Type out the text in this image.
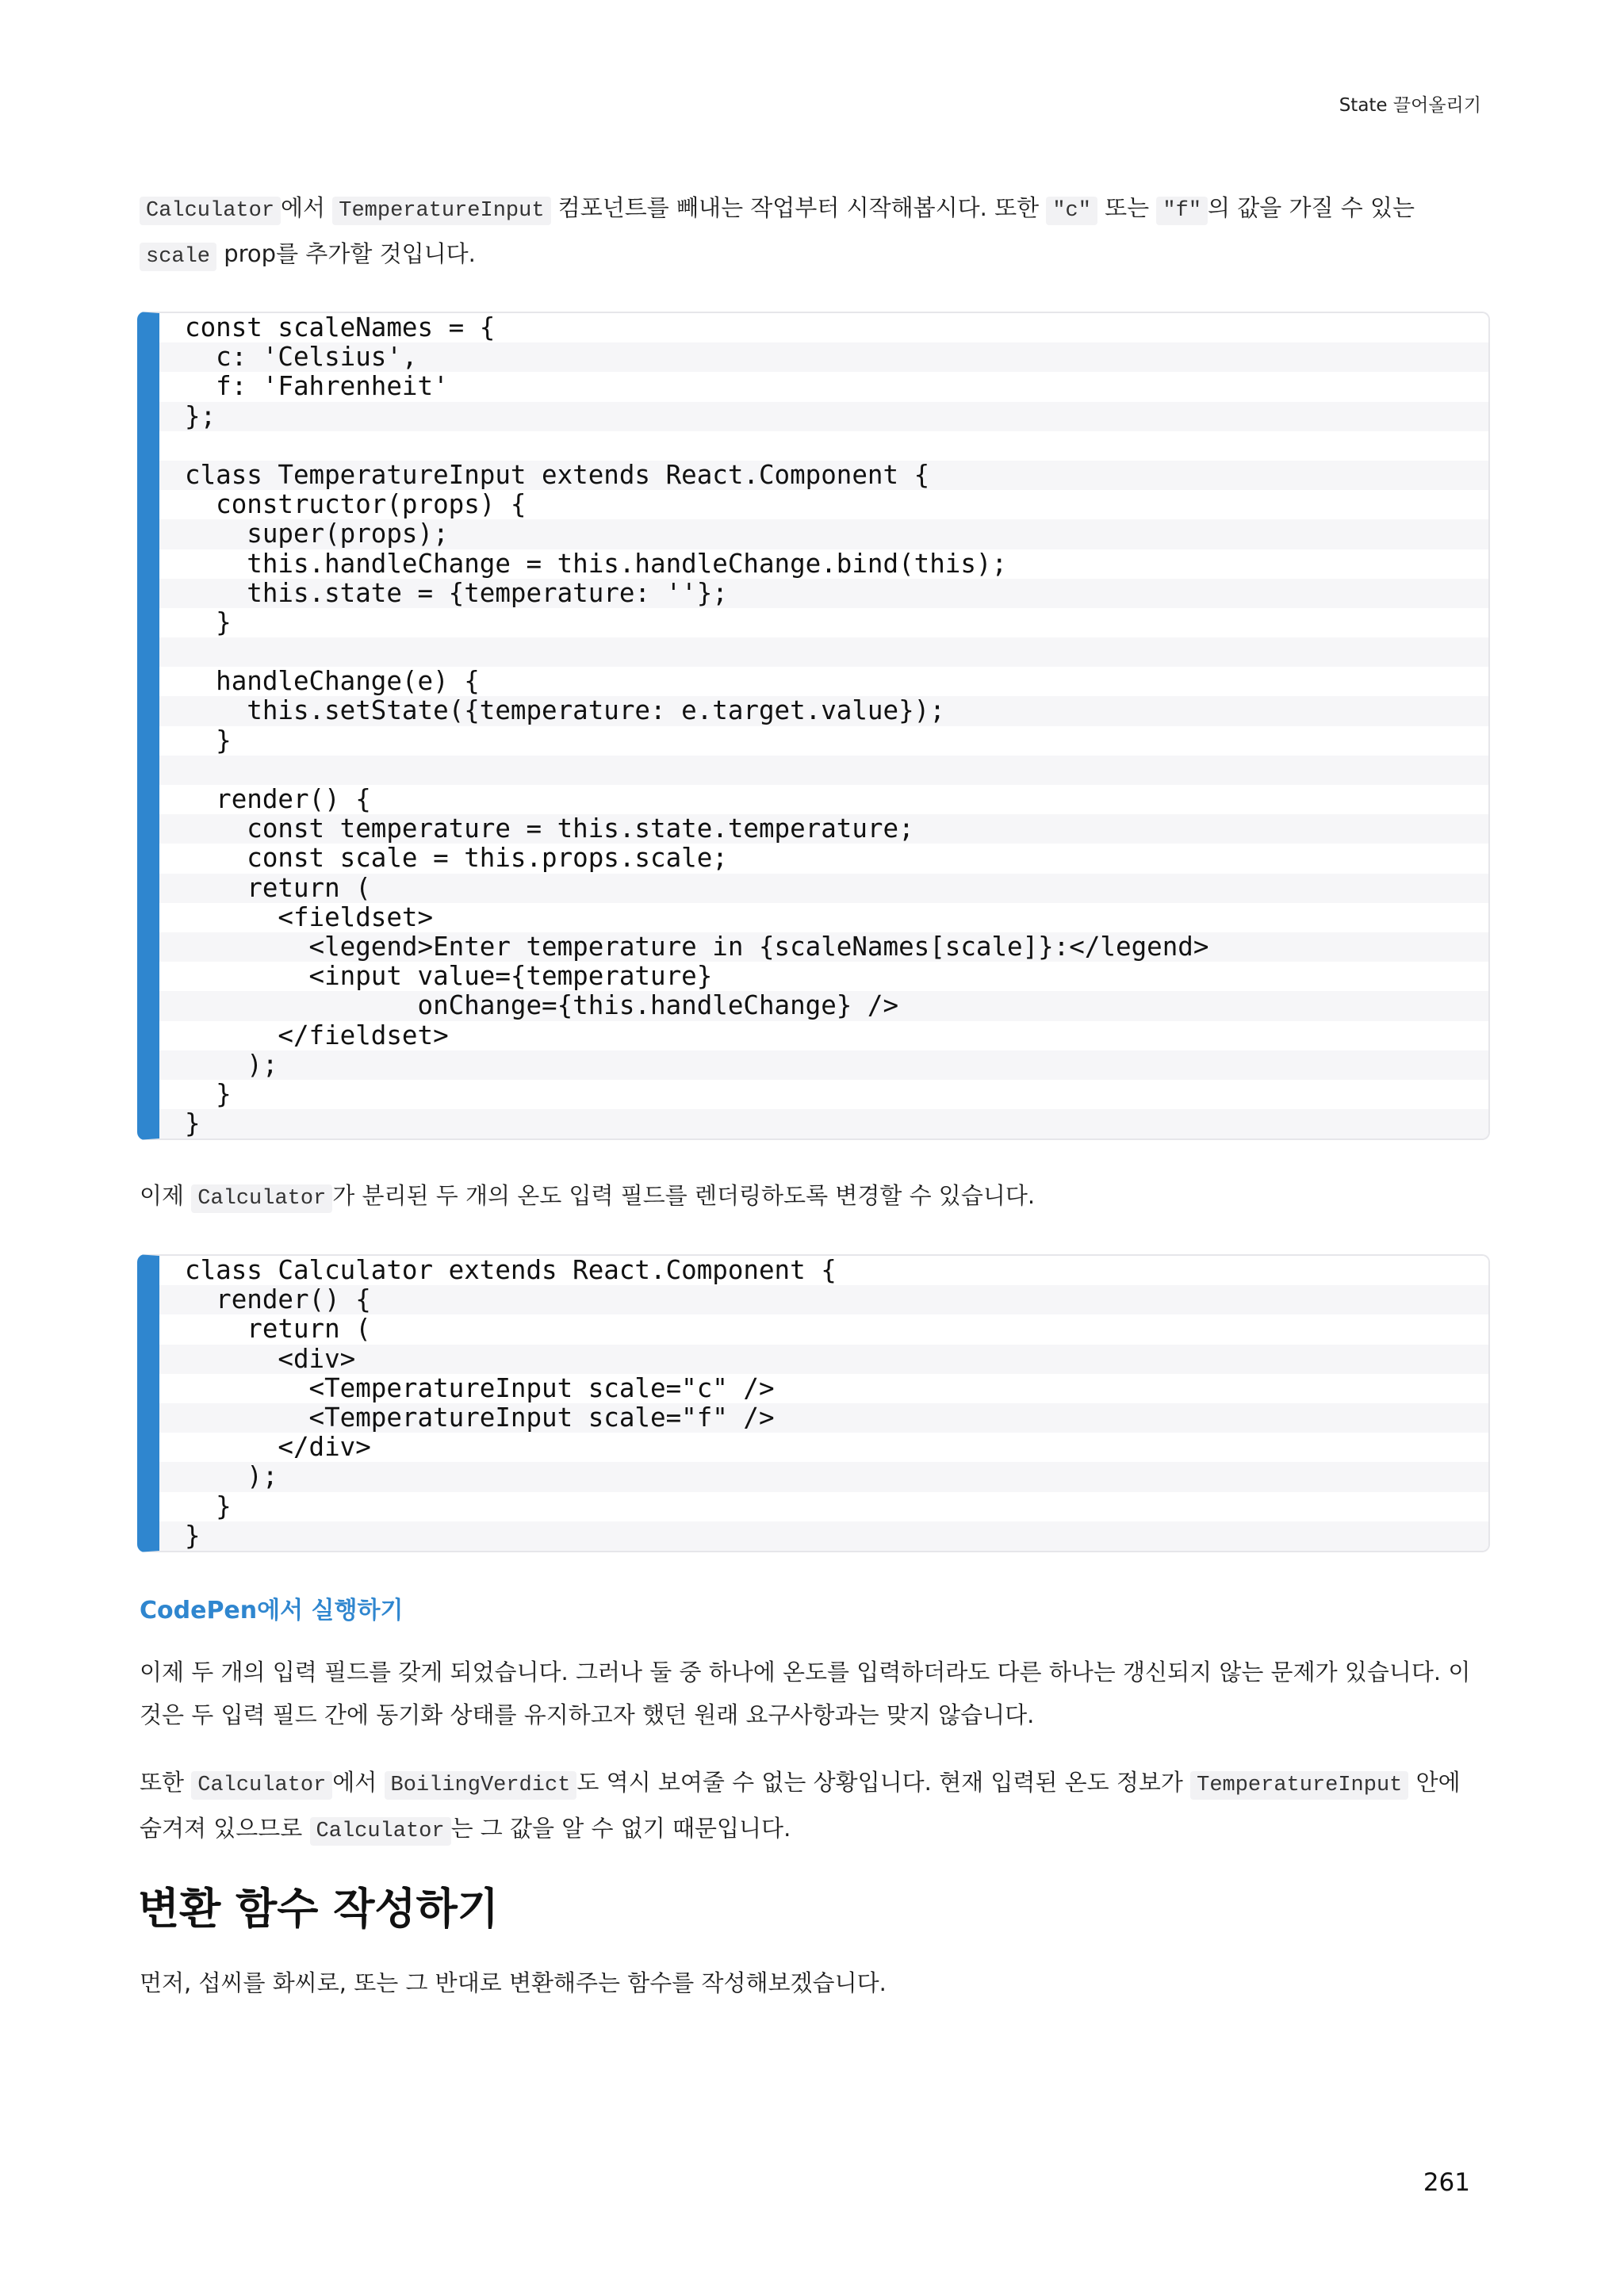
State 끌어올리기

Calculator 에서 TemperatureInput 컴포넌트를 빼내는 작업부터 시작해봅시다. 또한 "c" 또는 "f" 의 값을 가질 수 있는 scale prop를 추가할 것입니다.

const scaleNames = {
c: 'Celsius',
f: 'Fahrenheit'
};
class TemperatureInput extends React.Component {
constructor(props) {
super(props);
this.handleChange = this.handleChange.bind(this);
this.state = {temperature: ''};
}
handleChange(e) {
this.setState({temperature: e.target.value});
}
render() {
const temperature = this.state.temperature;
const scale = this.props.scale;
return (
<fieldset>
<legend>Enter temperature in {scaleNames[scale]}:</legend>
<input value={temperature}
onChange={this.handleChange} />
</fieldset>
);
}
}

이제 Calculator 가 분리된 두 개의 온도 입력 필드를 렌더링하도록 변경할 수 있습니다.

class Calculator extends React.Component {
render() {
return (
<div>
<TemperatureInput scale="c" />
<TemperatureInput scale="f" />
</div>
);
}
}
CodePen에서 실행하기

이제 두 개의 입력 필드를 갖게 되었습니다. 그러나 둘 중 하나에 온도를 입력하더라도 다른 하나는 갱신되지 않는 문제가 있습니다. 이것은 두 입력 필드 간에 동기화 상태를 유지하고자 했던 원래 요구사항과는 맞지 않습니다.

또한 Calculator 에서 BoilingVerdict 도 역시 보여줄 수 없는 상황입니다. 현재 입력된 온도 정보가 TemperatureInput 안에 숨겨져 있으므로 Calculator 는 그 값을 알 수 없기 때문입니다.

변환 함수 작성하기

먼저, 섭씨를 화씨로, 또는 그 반대로 변환해주는 함수를 작성해보겠습니다.

261
